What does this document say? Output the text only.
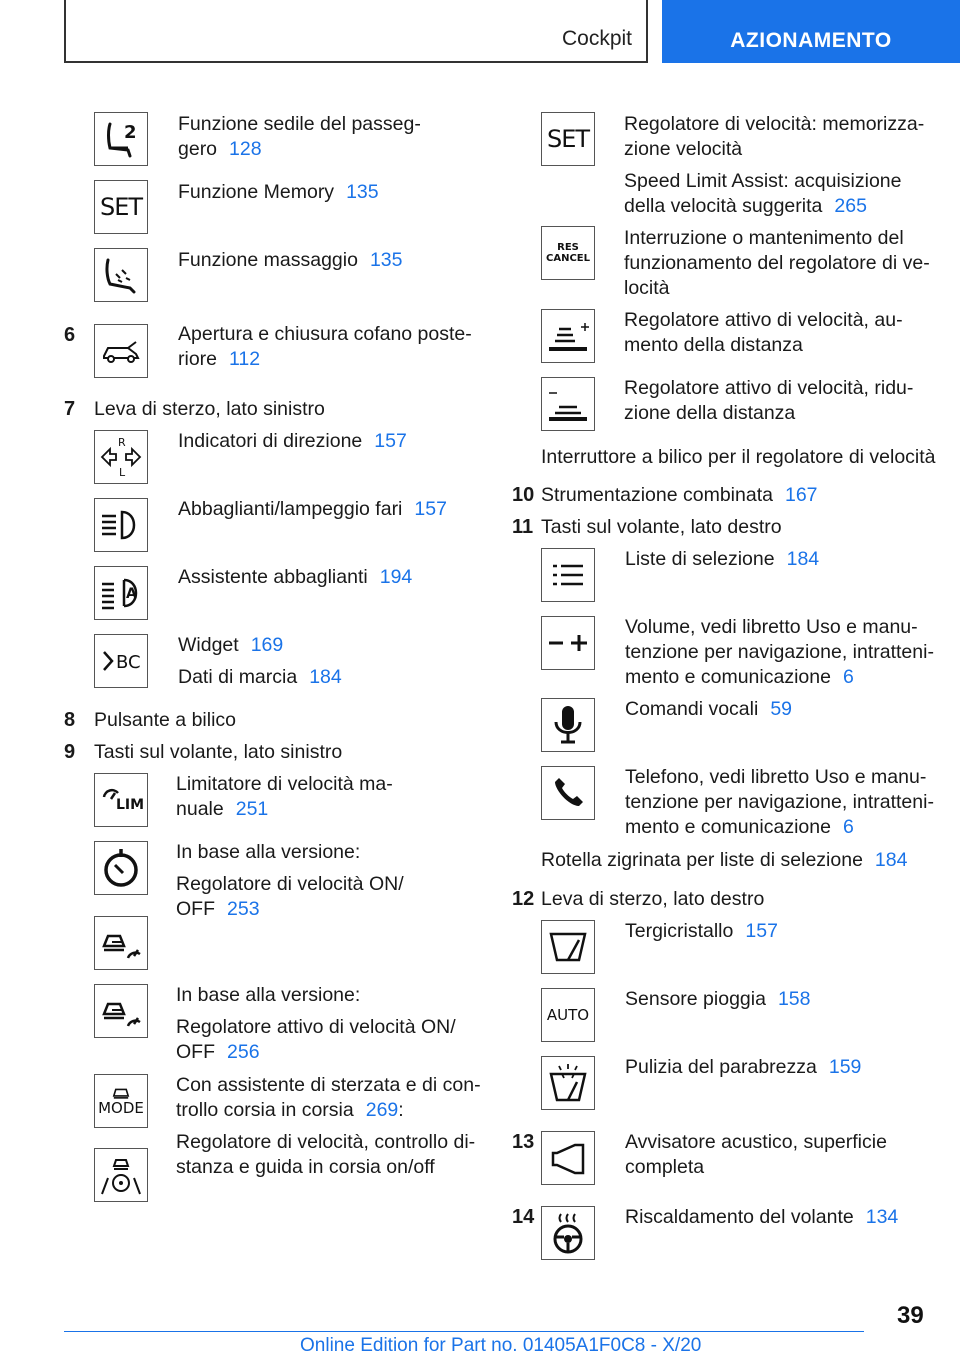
Cockpit	AZIONAMENTO
2 Funzione sedile del passeg-
gero 128
SET
Funzione Memory 135
Funzione massaggio 135
6	Apertura e chiusura cofano poste-
riore 112
7 Leva di sterzo, lato sinistro
R
L
Indicatori di direzione 157
Abbaglianti/lampeggio fari 157
A
Assistente abbaglianti 194
BC
Widget 169
Dati di marcia 184
8 Pulsante a bilico
9 Tasti sul volante, lato sinistro
LIM
Limitatore di velocità ma-
nuale 251
In base alla versione:
Regolatore di velocità ON/
OFF 253
In base alla versione:
Regolatore attivo di velocità ON/
OFF 256
MODE
Con assistente di sterzata e di con-
trollo corsia in corsia 269:
Regolatore di velocità, controllo di-
stanza e guida in corsia on/off
SET
Regolatore di velocità: memorizza-
zione velocità
Speed Limit Assist: acquisizione
della velocità suggerita 265
RES
CANCEL
Interruzione o mantenimento del
funzionamento del regolatore di ve-
locità
Regolatore attivo di velocità, au-
mento della distanza
Regolatore attivo di velocità, ridu-
zione della distanza
Interruttore a bilico per il regolatore di velocità
10 Strumentazione combinata 167
11 Tasti sul volante, lato destro
Liste di selezione 184
Volume, vedi libretto Uso e manu-
tenzione per navigazione, intratteni-
mento e comunicazione 6
Comandi vocali 59
Telefono, vedi libretto Uso e manu-
tenzione per navigazione, intratteni-
mento e comunicazione 6
Rotella zigrinata per liste di selezione 184
12 Leva di sterzo, lato destro
Tergicristallo 157
AUTO
Sensore pioggia 158
Pulizia del parabrezza 159
13	Avvisatore acustico, superficie
completa
14	Riscaldamento del volante 134
39
Online Edition for Part no. 01405A1F0C8 - X/20
